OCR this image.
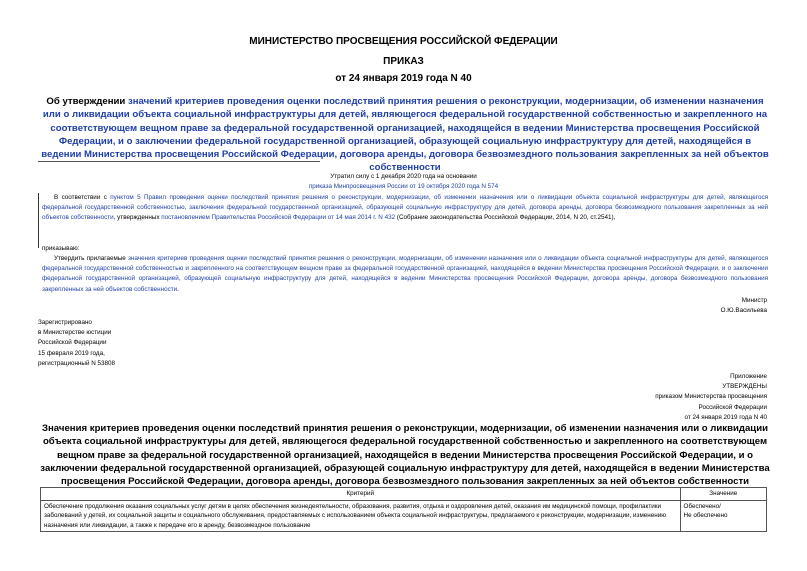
МИНИСТЕРСТВО ПРОСВЕЩЕНИЯ РОССИЙСКОЙ ФЕДЕРАЦИИ
ПРИКАЗ
от 24 января 2019 года N 40
Об утверждении значений критериев проведения оценки последствий принятия решения о реконструкции, модернизации, об изменении назначения или о ликвидации объекта социальной инфраструктуры для детей, являющегося федеральной государственной собственностью и закрепленного на соответствующем вещном праве за федеральной государственной организацией, находящейся в ведении Министерства просвещения Российской Федерации, и о заключении федеральной государственной организацией, образующей социальную инфраструктуру для детей, находящейся в ведении Министерства просвещения Российской Федерации, договора аренды, договора безвозмездного пользования закрепленных за ней объектов собственности
Утратил силу с 1 декабря 2020 года на основании
приказа Минпросвещения России от 19 октября 2020 года N 574
В соответствии с пунктом 5 Правил проведения оценки последствий принятия решения о реконструкции, модернизации, об изменении назначения или о ликвидации объекта социальной инфраструктуры для детей, являющегося федеральной государственной собственностью, заключения федеральной государственной организацией, образующей социальную инфраструктуру для детей, договора аренды, договора безвозмездного пользования закрепленных за ней объектов собственности, утвержденных постановлением Правительства Российской Федерации от 14 мая 2014 г. N 432 (Собрание законодательства Российской Федерации, 2014, N 20, ст.2541),
приказываю:
Утвердить прилагаемые значения критериев проведения оценки последствий принятия решения о реконструкции, модернизации, об изменении назначения или о ликвидации объекта социальной инфраструктуры для детей, являющегося федеральной государственной собственностью и закрепленного на соответствующем вещном праве за федеральной государственной организацией, находящейся в ведении Министерства просвещения Российской Федерации, и о заключении федеральной государственной организацией, образующей социальную инфраструктуру для детей, находящейся в ведении Министерства просвещения Российской Федерации, договора аренды, договора безвозмездного пользования закрепленных за ней объектов собственности.
Министр
О.Ю.Васильева
Зарегистрировано
в Министерстве юстиции
Российской Федерации
15 февраля 2019 года,
регистрационный N 53808
Приложение
УТВЕРЖДЕНЫ
приказом Министерства просвещения
Российской Федерации
от 24 января 2019 года N 40
Значения критериев проведения оценки последствий принятия решения о реконструкции, модернизации, об изменении назначения или о ликвидации объекта социальной инфраструктуры для детей, являющегося федеральной государственной собственностью и закрепленного на соответствующем вещном праве за федеральной государственной организацией, находящейся в ведении Министерства просвещения Российской Федерации, и о заключении федеральной государственной организацией, образующей социальную инфраструктуру для детей, находящейся в ведении Министерства просвещения Российской Федерации, договора аренды, договора безвозмездного пользования закрепленных за ней объектов собственности
Критерий	Значение
Обеспечение продолжения оказания социальных услуг детям в целях обеспечения жизнедеятельности, образования, развития, отдыха и оздоровления детей, оказания им медицинской помощи, профилактики заболеваний у детей, их социальной защиты и социального обслуживания, предоставляемых с использованием объекта социальной инфраструктуры, предлагаемого к реконструкции, модернизации, изменению назначения или ликвидации, а также к передаче его в аренду, безвозмездное пользование	Обеспечено/
Не обеспечено
